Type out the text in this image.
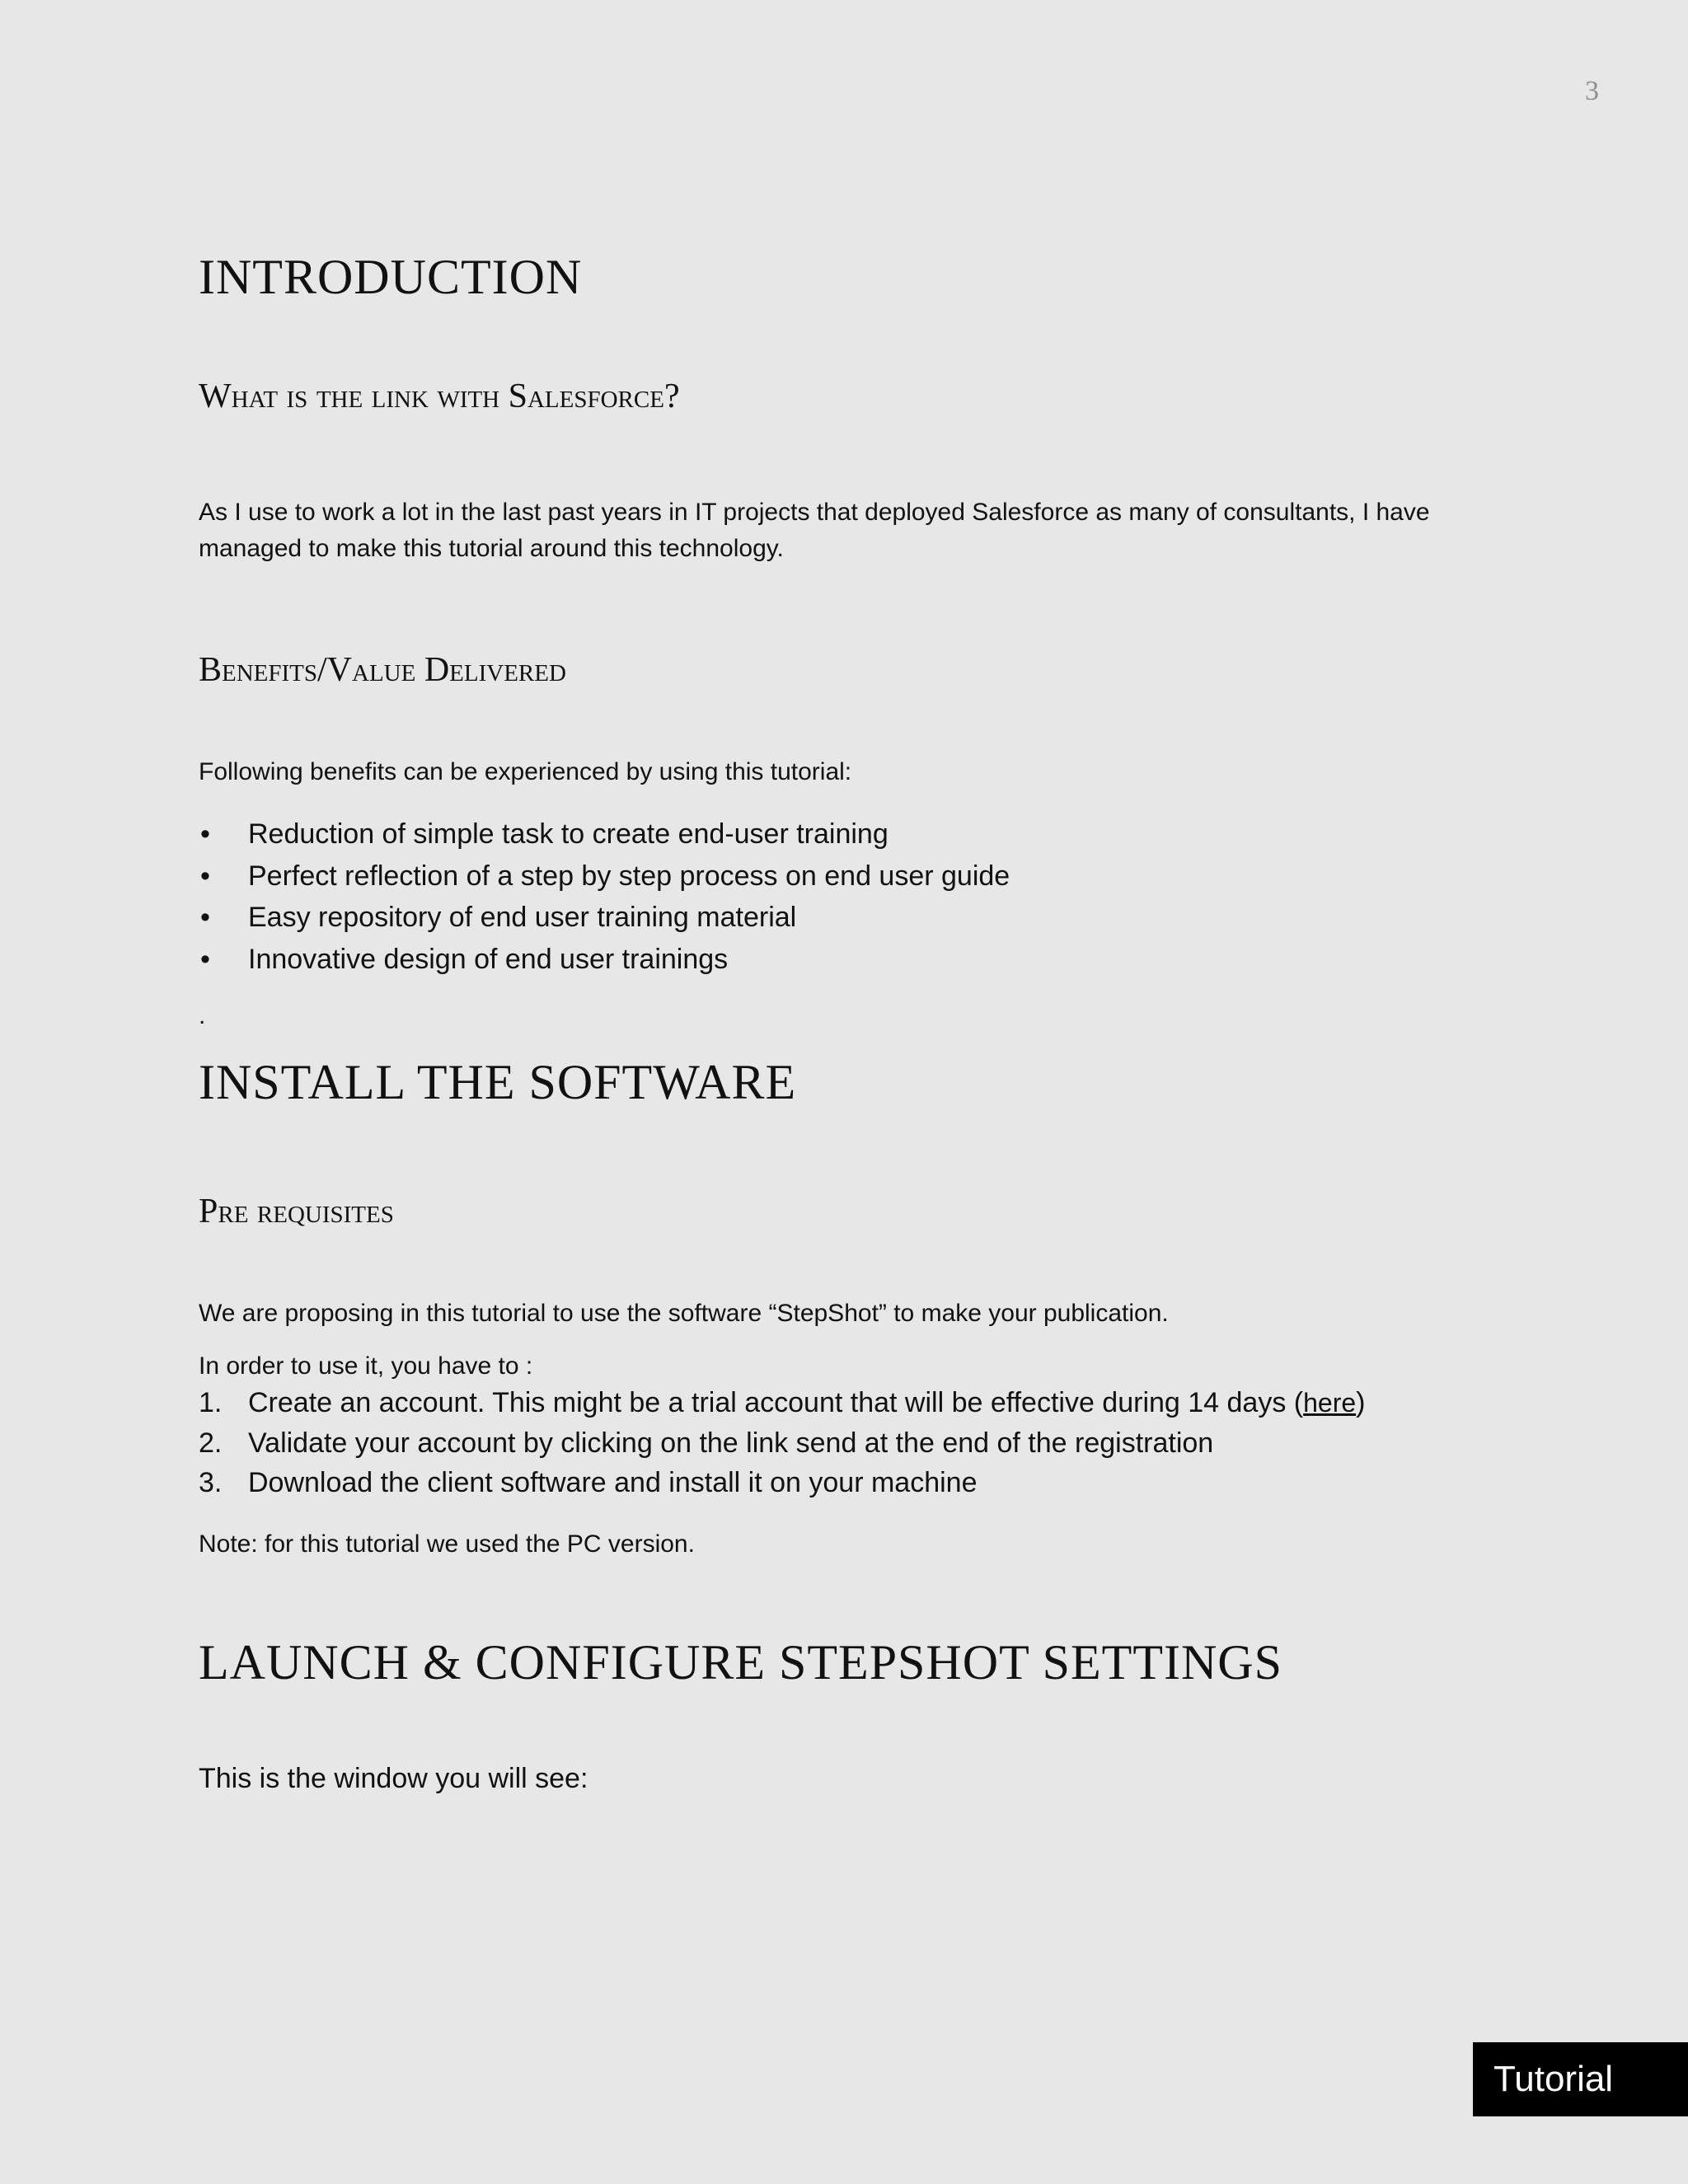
3
INTRODUCTION
What is the link with Salesforce?

As I use to work a lot in the last past years in IT projects that deployed Salesforce as many of consultants, I have

managed to make this tutorial around this technology.

Benefits/Value Delivered

Following benefits can be experienced by using this tutorial:

• Reduction of simple task to create end-user training
• Perfect reflection of a step by step process on end user guide
• Easy repository of end user training material
• Innovative design of end user trainings
.
INSTALL THE SOFTWARE
Pre requisites

We are proposing in this tutorial to use the software “StepShot” to make your publication.

In order to use it, you have to :

1. Create an account. This might be a trial account that will be effective during 14 days (here)
2. Validate your account by clicking on the link send at the end of the registration
3. Download the client software and install it on your machine

Note: for this tutorial we used the PC version.

LAUNCH & CONFIGURE STEPSHOT SETTINGS

This is the window you will see:

Tutorial
